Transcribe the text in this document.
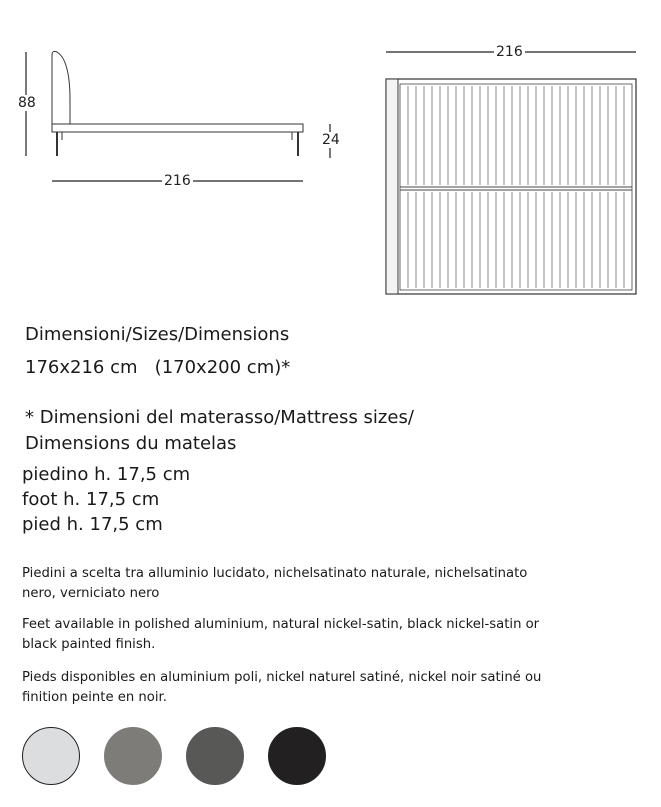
88
24
216
216
Dimensioni/Sizes/Dimensions
176x216 cm   (170x200 cm)*
* Dimensioni del materasso/Mattress sizes/
Dimensions du matelas
piedino h. 17,5 cm
foot h. 17,5 cm
pied h. 17,5 cm
Piedini a scelta tra alluminio lucidato, nichelsatinato naturale, nichelsatinato nero, verniciato nero
Feet available in polished aluminium, natural nickel-satin, black nickel-satin or black painted finish.
Pieds disponibles en aluminium poli, nickel naturel satiné, nickel noir satiné ou finition peinte en noir.
